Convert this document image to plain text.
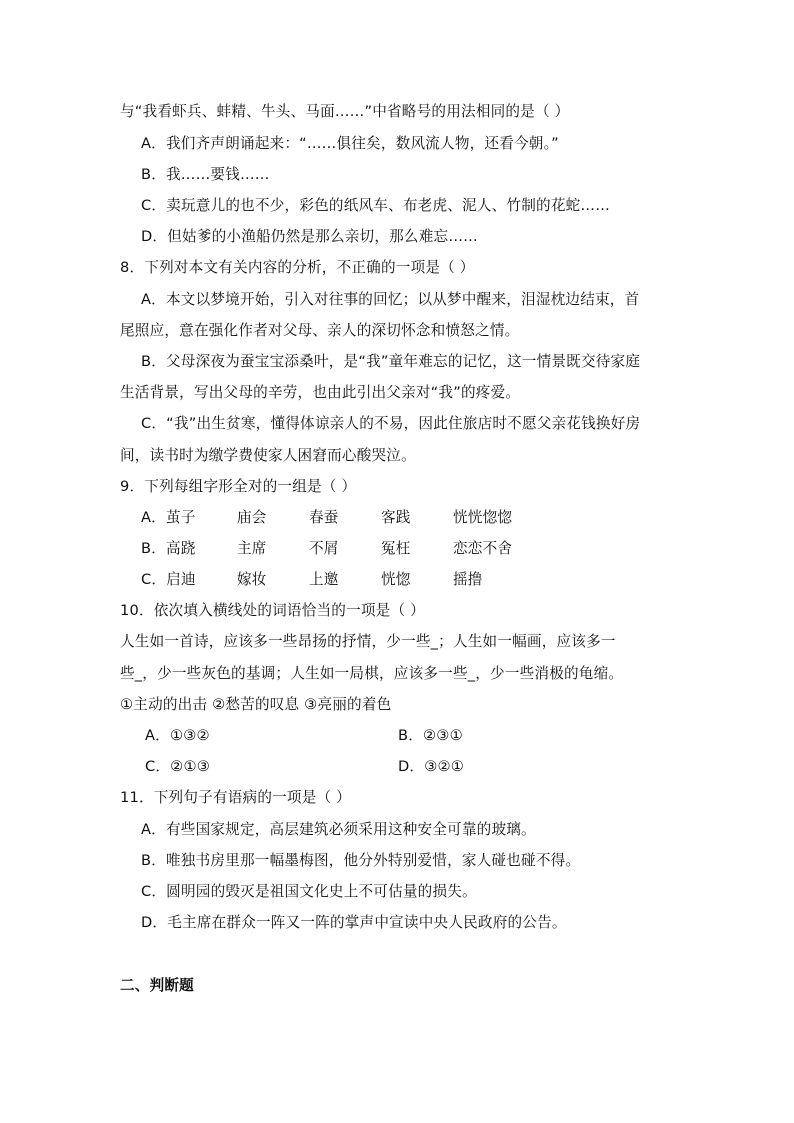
与“我看虾兵、蚌精、牛头、马面……”中省略号的用法相同的是（ ）
A．我们齐声朗诵起来：“……俱往矣，数风流人物，还看今朝。”
B．我……要钱……
C．卖玩意儿的也不少，彩色的纸风车、布老虎、泥人、竹制的花蛇……
D．但姑爹的小渔船仍然是那么亲切，那么难忘……
8．下列对本文有关内容的分析，不正确的一项是（ ）
A．本文以梦境开始，引入对往事的回忆；以从梦中醒来，泪湿枕边结束，首
尾照应，意在强化作者对父母、亲人的深切怀念和愤怒之情。
B．父母深夜为蚕宝宝添桑叶，是“我”童年难忘的记忆，这一情景既交待家庭
生活背景，写出父母的辛劳，也由此引出父亲对“我”的疼爱。
C．“我”出生贫寒，懂得体谅亲人的不易，因此住旅店时不愿父亲花钱换好房
间，读书时为缴学费使家人困窘而心酸哭泣。
9．下列每组字形全对的一组是（ ）
A．茧子	庙会	春蚕	客践	恍恍惚惚
B．高跷	主席	不屑	冤枉	恋恋不舍
C．启迪	嫁妆	上邀	恍惚	摇撸
10．依次填入横线处的词语恰当的一项是（ ）
人生如一首诗，应该多一些昂扬的抒情，少一些_；人生如一幅画，应该多一
些_，少一些灰色的基调；人生如一局棋，应该多一些_，少一些消极的龟缩。
①主动的出击 ②愁苦的叹息 ③亮丽的着色
A．①③②	B．②③①
C．②①③	D．③②①
11．下列句子有语病的一项是（ ）
A．有些国家规定，高层建筑必须采用这种安全可靠的玻璃。
B．唯独书房里那一幅墨梅图，他分外特别爱惜，家人碰也碰不得。
C．圆明园的毁灭是祖国文化史上不可估量的损失。
D．毛主席在群众一阵又一阵的掌声中宣读中央人民政府的公告。
二、判断题
